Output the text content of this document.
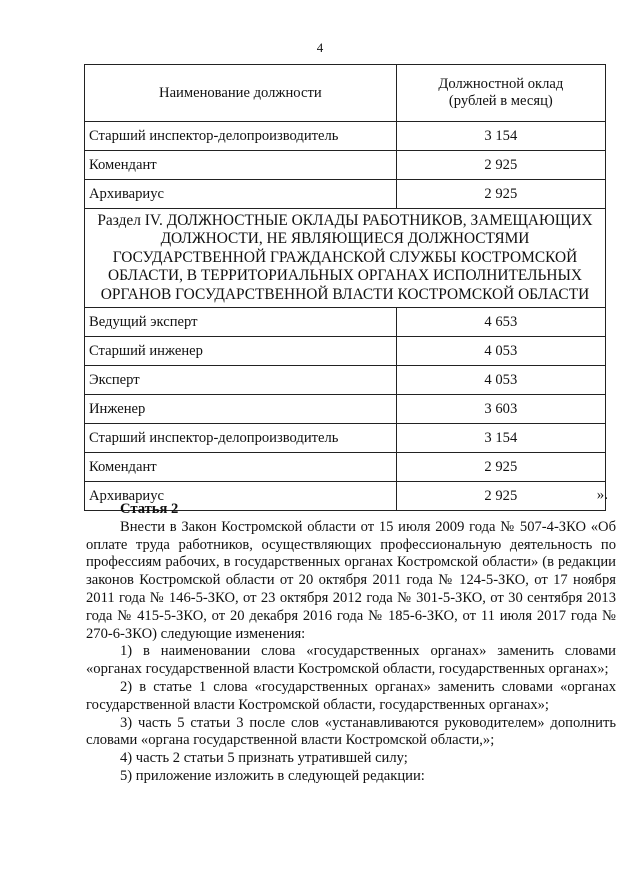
4
Наименование должности	Должностной оклад
(рублей в месяц)
Старший инспектор-делопроизводитель	3 154
Комендант	2 925
Архивариус	2 925
Раздел IV. ДОЛЖНОСТНЫЕ ОКЛАДЫ РАБОТНИКОВ, ЗАМЕЩАЮЩИХ ДОЛЖНОСТИ, НЕ ЯВЛЯЮЩИЕСЯ ДОЛЖНОСТЯМИ ГОСУДАРСТВЕННОЙ ГРАЖДАНСКОЙ СЛУЖБЫ КОСТРОМСКОЙ ОБЛАСТИ, В ТЕРРИТОРИАЛЬНЫХ ОРГАНАХ ИСПОЛНИТЕЛЬНЫХ ОРГАНОВ ГОСУДАРСТВЕННОЙ ВЛАСТИ КОСТРОМСКОЙ ОБЛАСТИ	
Ведущий эксперт	4 653
Старший инженер	4 053
Эксперт	4 053
Инженер	3 603
Старший инспектор-делопроизводитель	3 154
Комендант	2 925
Архивариус	2 925	».
Статья 2

Внести в Закон Костромской области от 15 июля 2009 года № 507-4-ЗКО «Об оплате труда работников, осуществляющих профессиональную деятельность по профессиям рабочих, в государственных органах Костромской области» (в редакции законов Костромской области от 20 октября 2011 года № 124-5-ЗКО, от 17 ноября 2011 года № 146-5-ЗКО, от 23 октября 2012 года № 301-5-ЗКО, от 30 сентября 2013 года № 415-5-ЗКО, от 20 декабря 2016 года № 185-6-ЗКО, от 11 июля 2017 года № 270-6-ЗКО) следующие изменения:

1) в наименовании слова «государственных органах» заменить словами «органах государственной власти Костромской области, государственных органах»;

2) в статье 1 слова «государственных органах» заменить словами «органах государственной власти Костромской области, государственных органах»;

3) часть 5 статьи 3 после слов «устанавливаются руководителем» дополнить словами «органа государственной власти Костромской области,»;

4) часть 2 статьи 5 признать утратившей силу;

5) приложение изложить в следующей редакции:
